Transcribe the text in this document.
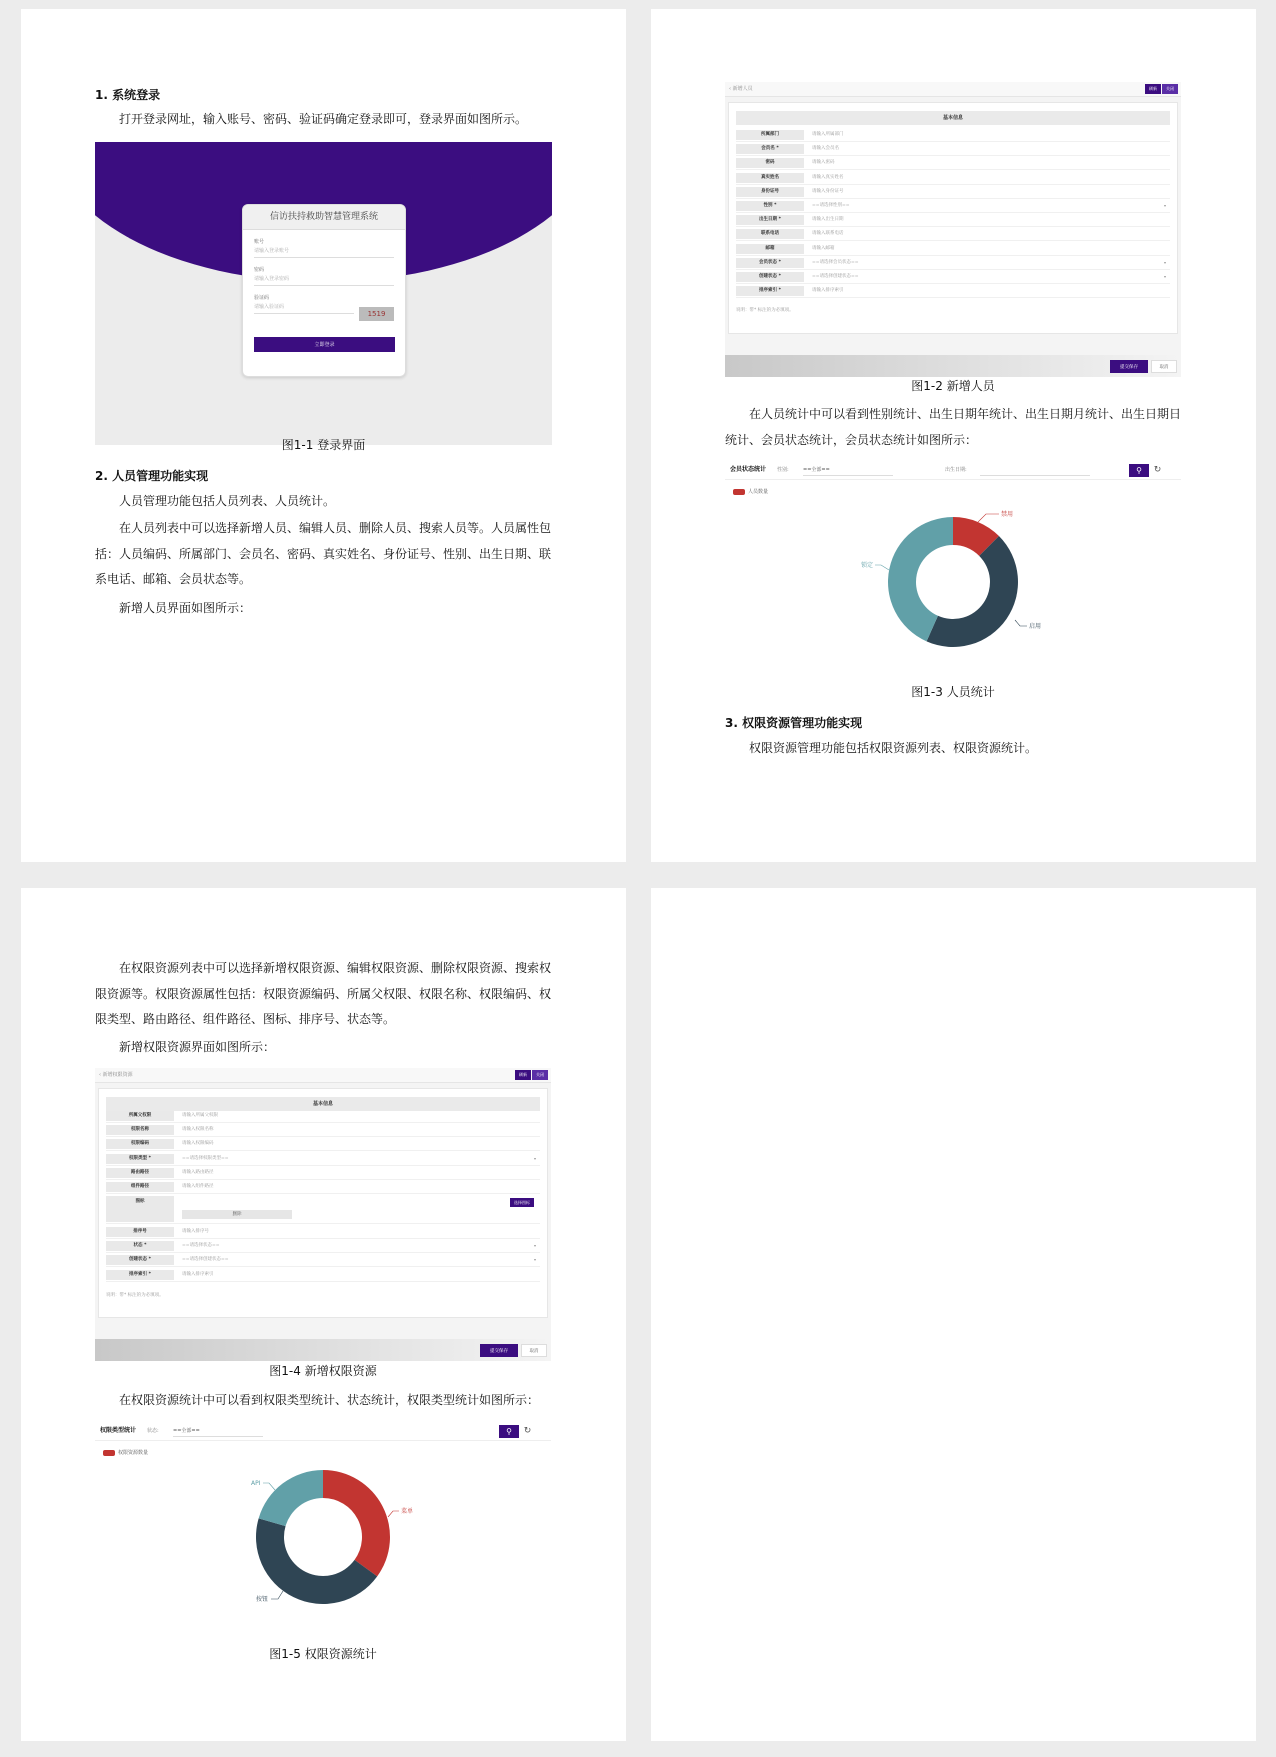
1. 系统登录
打开登录网址，输入账号、密码、验证码确定登录即可，登录界面如图所示。
信访扶持救助智慧管理系统
账号
请输入登录账号
密码
请输入登录密码
验证码
请输入验证码
1519
立即登录
图1-1 登录界面
2. 人员管理功能实现
人员管理功能包括人员列表、人员统计。
在人员列表中可以选择新增人员、编辑人员、删除人员、搜索人员等。人员属性包括：人员编码、所属部门、会员名、密码、真实姓名、身份证号、性别、出生日期、联系电话、邮箱、会员状态等。
新增人员界面如图所示：
‹ 新增人员	刷新	关闭
基本信息
所属部门	请输入所属部门
会员名 *	请输入会员名
密码	请输入密码
真实姓名	请输入真实姓名
身份证号	请输入身份证号
性别 *	==请选择性别==	▾
出生日期 *	请输入出生日期
联系电话	请输入联系电话
邮箱	请输入邮箱
会员状态 *	==请选择会员状态==	▾
创建状态 *	==请选择创建状态==	▾
排序索引 *	请输入排序索引
说明：带* 标注的为必填项。
提交保存	取消
图1-2 新增人员
在人员统计中可以看到性别统计、出生日期年统计、出生日期月统计、出生日期日统计、会员状态统计，会员状态统计如图所示：
会员状态统计 性别:	==全部==	出生日期:	⚲	↻
人员数量
禁用
启用
锁定
图1-3 人员统计
3. 权限资源管理功能实现
权限资源管理功能包括权限资源列表、权限资源统计。
在权限资源列表中可以选择新增权限资源、编辑权限资源、删除权限资源、搜索权限资源等。权限资源属性包括：权限资源编码、所属父权限、权限名称、权限编码、权限类型、路由路径、组件路径、图标、排序号、状态等。
新增权限资源界面如图所示：
‹ 新增权限资源	刷新	关闭
基本信息
所属父权限	请输入所属父权限
权限名称	请输入权限名称
权限编码	请输入权限编码
权限类型 *	==请选择权限类型==	▾
路由路径	请输入路由路径
组件路径	请输入组件路径
图标	选择图标
删除
排序号	请输入排序号
状态 *	==请选择状态==	▾
创建状态 *	==请选择创建状态==	▾
排序索引 *	请输入排序索引
说明：带* 标注的为必填项。
提交保存	取消
图1-4 新增权限资源
在权限资源统计中可以看到权限类型统计、状态统计，权限类型统计如图所示：
权限类型统计 状态:	==全部==	⚲	↻
权限资源数量
菜单
按钮
API
图1-5 权限资源统计
